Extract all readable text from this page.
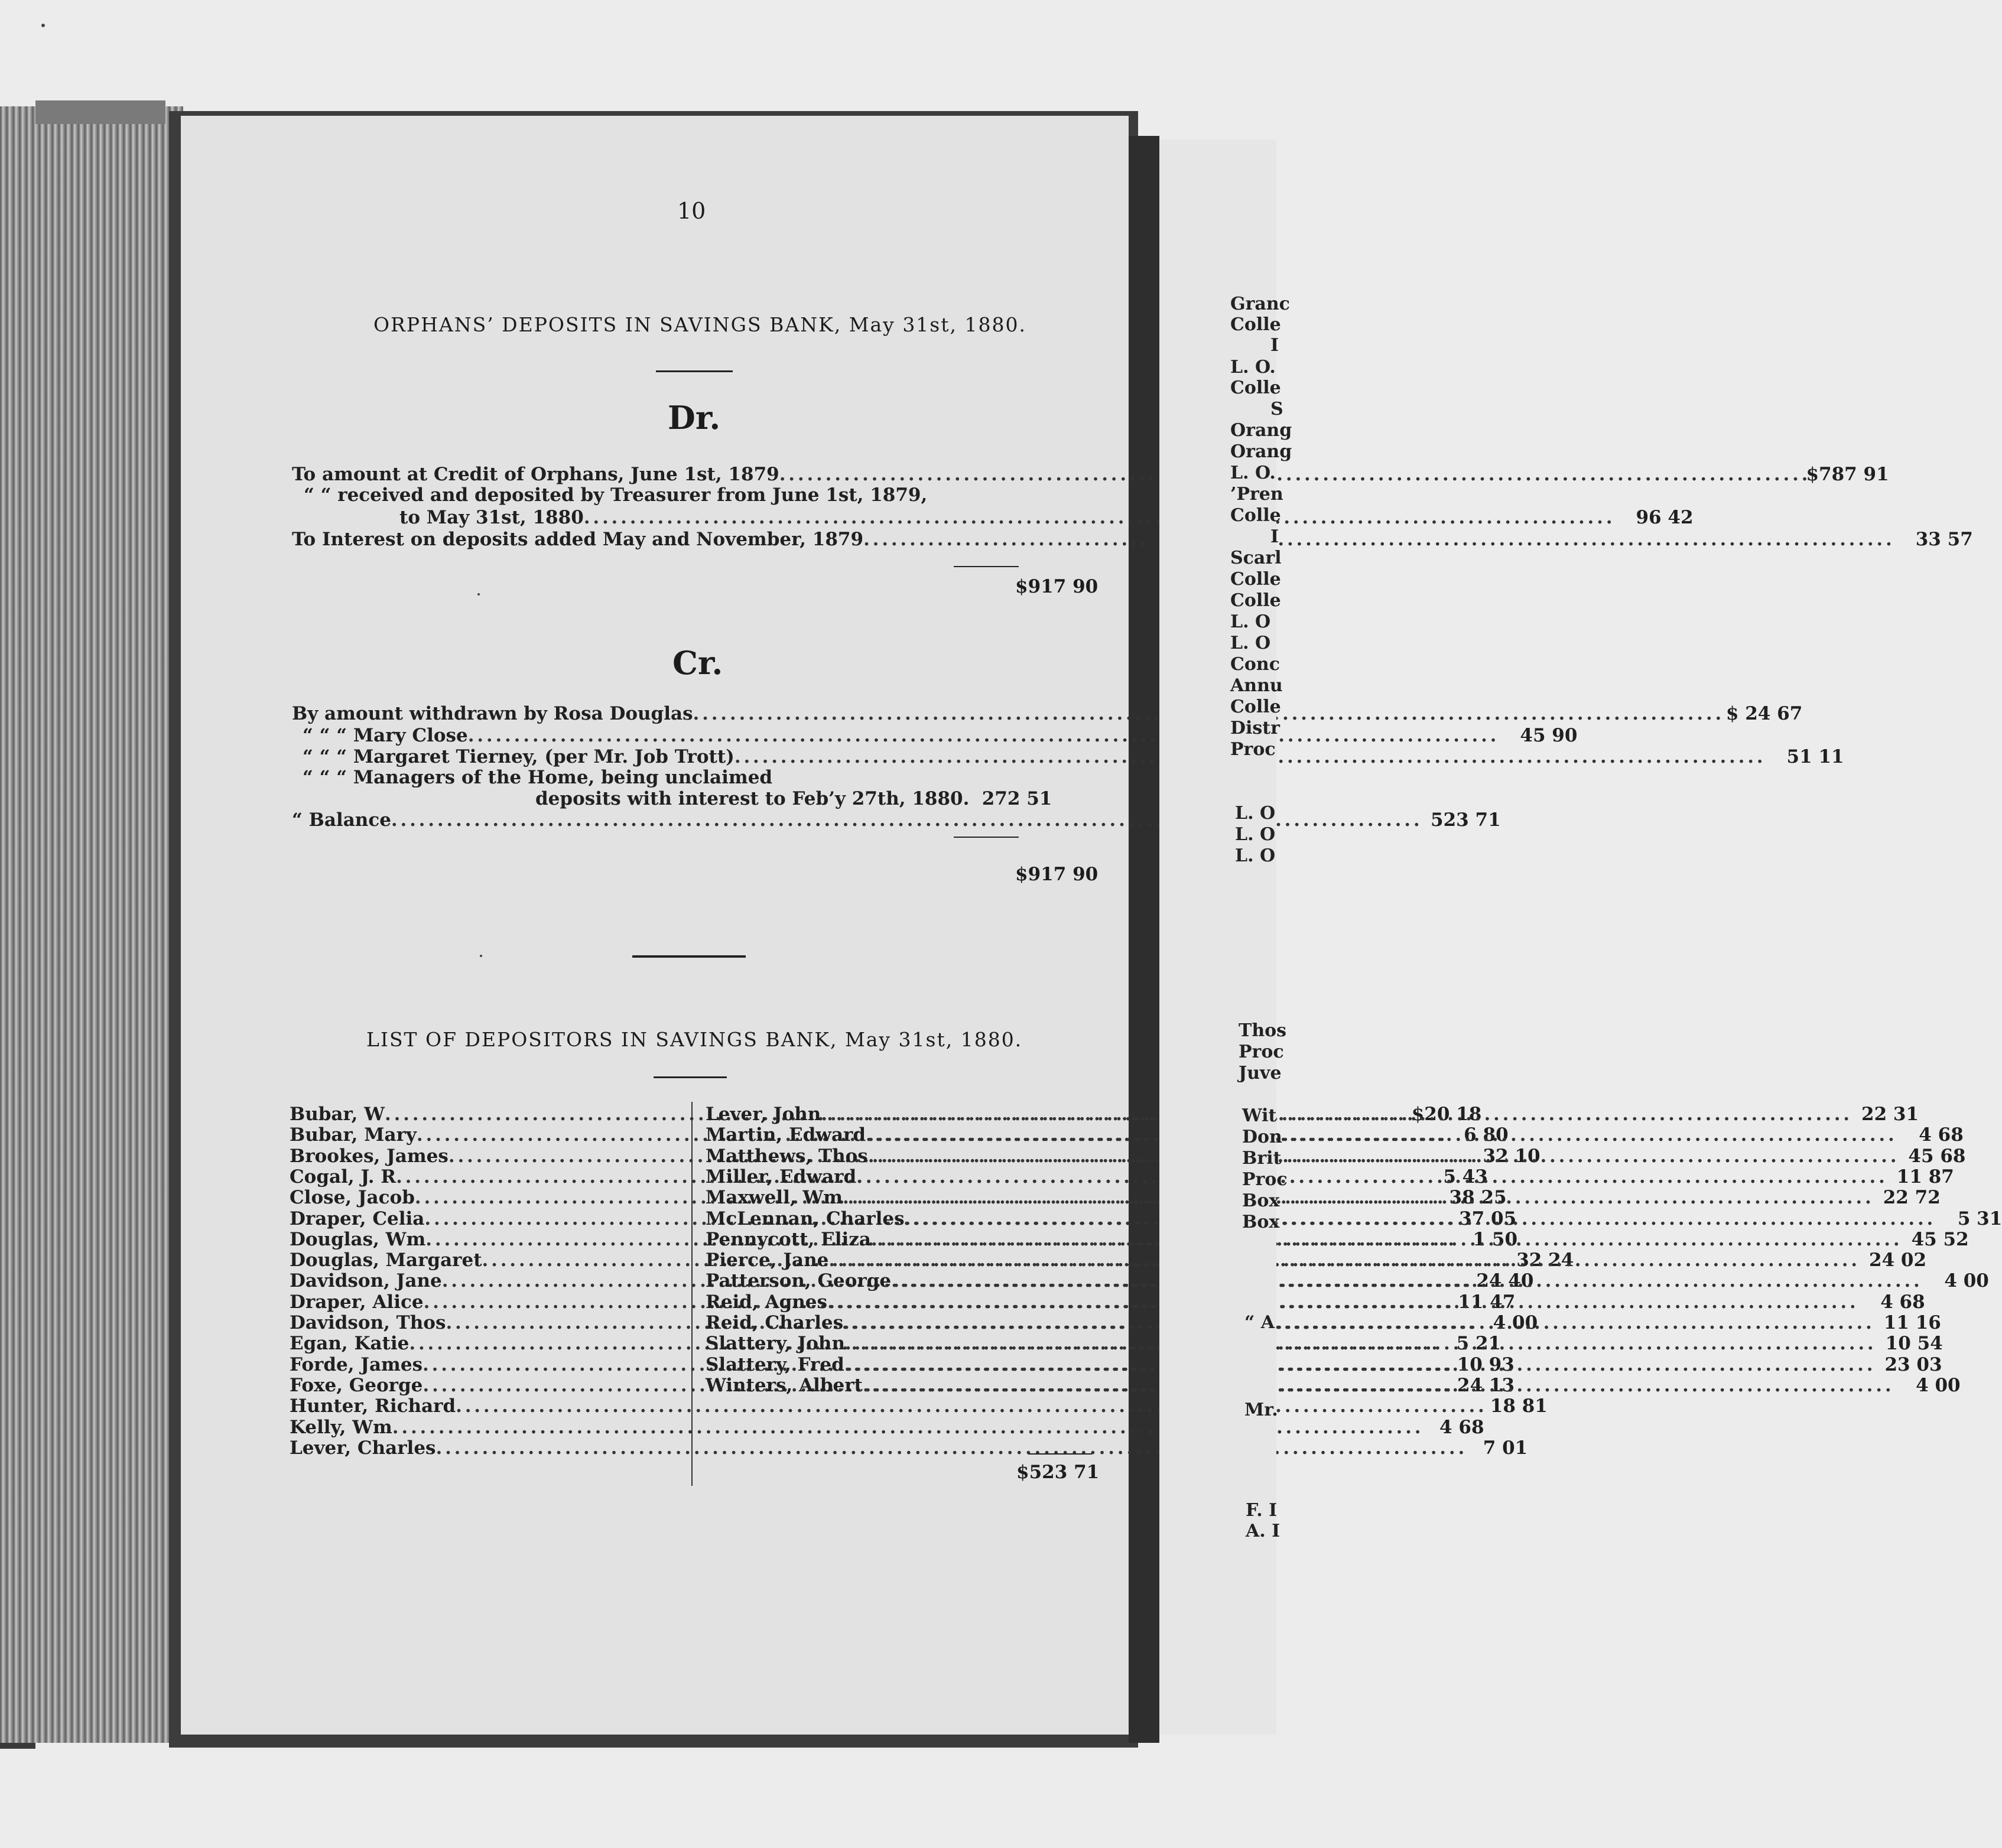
10
ORPHANS’ DEPOSITS IN SAVINGS BANK, May 31st, 1880.
Dr.
To amount at Credit of Orphans, June 1st, 1879 . . .	$787 91
“ “ received and deposited by Treasurer from June 1st, 1879,
to May 31st, 1880 . . .	96 42
To Interest on deposits added May and November, 1879 . . .	33 57
$917 90
Cr.
By amount withdrawn by Rosa Douglas . . .	$ 24 67
“ “ “ Mary Close . . .	45 90
“ “ “ Margaret Tierney, (per Mr. Job Trott) . . .	51 11
“ “ “ Managers of the Home, being unclaimed
deposits with interest to Feb’y 27th, 1880. 272 51
“ Balance . . .	523 71
$917 90
LIST OF DEPOSITORS IN SAVINGS BANK, May 31st, 1880.
Bubar, W . . .	$20 18
Bubar, Mary . . .	6 80
Brookes, James . . .	32 10
Cogal, J. R . . .	5 43
Close, Jacob . . .	38 25
Draper, Celia . . .	37 05
Douglas, Wm . . .	1 50
Douglas, Margaret . . .	32 24
Davidson, Jane . . .	24 40
Draper, Alice . . .	11 47
Davidson, Thos . . .	4 00
Egan, Katie . . .	5 21
Forde, James . . .	10 93
Foxe, George . . .	24 13
Hunter, Richard . . .	18 81
Kelly, Wm . . .	4 68
Lever, Charles . . .	7 01
Lever, John . . .	22 31
Martin, Edward . . .	4 68
Matthews, Thos . . .	45 68
Miller, Edward . . .	11 87
Maxwell, Wm . . .	22 72
McLennan, Charles . . .	5 31
Pennycott, Eliza . . .	45 52
Pierce, Jane . . .	24 02
Patterson, George . . .	4 00
Reid, Agnes . . .	4 68
Reid, Charles . . .	11 16
Slattery, John . . .	10 54
Slattery, Fred . . .	23 03
Winters, Albert . . .	4 00
$523 71
Granc
Colle
I
L. O.
Colle
S
Orang
Orang
L. O.
’Pren
Colle
I
Scarl
Colle
Colle
L. O
L. O
Conc
Annu
Colle
Distr
Proc
L. O
L. O
L. O
Thos
Proc
Juve
Wit
Don
Brit
Proc
Box
Box
“ A
Mr.
F. I
A. I
